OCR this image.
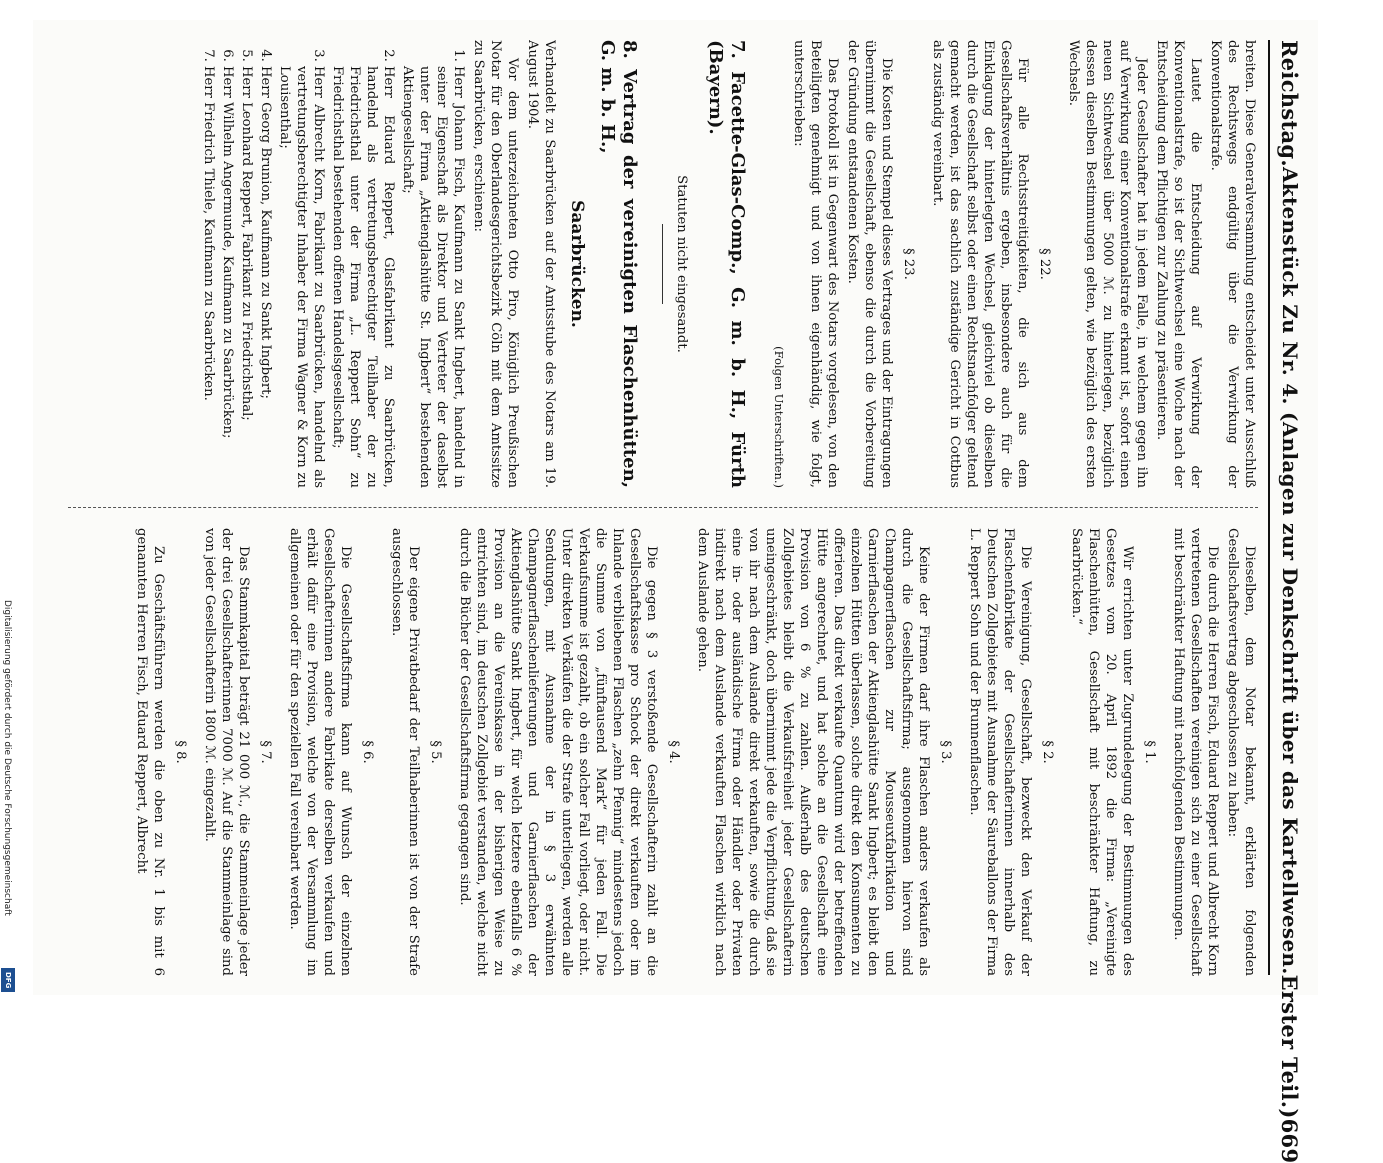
Reichstag.
Aktenstück Zu Nr. 4. (Anlagen zur Denkschrift über das Kartellwesen.
Erster Teil.)
669

breiten. Diese Generalversammlung entscheidet unter Ausschluß des Rechtswegs endgültig über die Verwirkung der Konventionalstrafe.

Lautet die Entscheidung auf Verwirkung der Konventionalstrafe, so ist der Sichtwechsel eine Woche nach der Entscheidung dem Pflichtigen zur Zahlung zu präsentieren.

Jeder Gesellschafter hat in jedem Falle, in welchem gegen ihn auf Verwirkung einer Konventionalstrafe erkannt ist, sofort einen neuen Sichtwechsel über 5000 ℳ. zu hinterlegen, bezüglich dessen dieselben Bestimmungen gelten, wie bezüglich des ersten Wechsels.

§ 22.

Für alle Rechtsstreitigkeiten, die sich aus dem Gesellschaftsverhältnis ergeben, insbesondere auch für die Einklagung der hinterlegten Wechsel, gleichviel ob dieselben durch die Gesellschaft selbst oder einen Rechtsnachfolger geltend gemacht werden, ist das sachlich zuständige Gericht in Cottbus als zuständig vereinbart.

§ 23.

Die Kosten und Stempel dieses Vertrages und der Eintragungen übernimmt die Gesellschaft, ebenso die durch die Vorbereitung der Gründung entstandenen Kosten.

Das Protokoll ist in Gegenwart des Notars vorgelesen, von den Beteiligten genehmigt und von ihnen eigenhändig, wie folgt, unterschrieben:

(Folgen Unterschriften.)

7. Facette-Glas-Comp., G. m. b. H., Fürth (Bayern).

Statuten nicht eingesandt.

8. Vertrag der vereinigten Flaschenhütten, G. m. b. H.,

Saarbrücken.

Verhandelt zu Saarbrücken auf der Amtsstube des Notars am 19. August 1904.

Vor dem unterzeichneten Otto Piro, Königlich Preußischen Notar für den Oberlandesgerichtsbezirk Cöln mit dem Amtssitze zu Saarbrücken, erschienen:

1. Herr Johann Fisch, Kaufmann zu Sankt Ingbert, handelnd in seiner Eigenschaft als Direktor und Vertreter der daselbst unter der Firma „Aktienglashütte St. Ingbert“ bestehenden Aktiengesellschaft;
2. Herr Eduard Reppert, Glasfabrikant zu Saarbrücken, handelnd als vertretungsberechtigter Teilhaber der zu Friedrichsthal unter der Firma „L. Reppert Sohn“ zu Friedrichsthal bestehenden offenen Handelsgesellschaft;
3. Herr Albrecht Korn, Fabrikant zu Saarbrücken, handelnd als vertretungsberechtigter Inhaber der Firma Wagner & Korn zu Louisenthal;
4. Herr Georg Brunion, Kaufmann zu Sankt Ingbert;
5. Herr Leonhard Reppert, Fabrikant zu Friedrichsthal;
6. Herr Wilhelm Angermunde, Kaufmann zu Saarbrücken;
7. Herr Friedrich Thiele, Kaufmann zu Saarbrücken.

Dieselben, dem Notar bekannt, erklärten folgenden Gesellschaftsvertrag abgeschlossen zu haben:

Die durch die Herren Fisch, Eduard Reppert und Albrecht Korn vertretenen Gesellschaften vereinigen sich zu einer Gesellschaft mit beschränkter Haftung mit nachfolgenden Bestimmungen.

§ 1.

Wir errichten unter Zugrundelegung der Bestimmungen des Gesetzes vom 20. April 1892 die Firma: „Vereinigte Flaschenhütten, Gesellschaft mit beschränkter Haftung, zu Saarbrücken.“

§ 2.

Die Vereinigung, Gesellschaft, bezweckt den Verkauf der Flaschenfabrikate der Gesellschafterinnen innerhalb des Deutschen Zollgebietes mit Ausnahme der Säureballons der Firma L. Reppert Sohn und der Brunnenflaschen.

§ 3.

Keine der Firmen darf ihre Flaschen anders verkaufen als durch die Gesellschaftsfirma; ausgenommen hiervon sind Champagnerflaschen zur Mousseuxfabrikation und Garnierflaschen der Aktienglashütte Sankt Ingbert; es bleibt den einzelnen Hütten überlassen, solche direkt den Konsumenten zu offerieren. Das direkt verkaufte Quantum wird der betreffenden Hütte angerechnet, und hat solche an die Gesellschaft eine Provision von 6 % zu zahlen. Außerhalb des deutschen Zollgebietes bleibt die Verkaufsfreiheit jeder Gesellschafterin uneingeschränkt, doch übernimmt jede die Verpflichtung, daß sie von ihr nach dem Auslande direkt verkauften, sowie die durch eine in- oder ausländische Firma oder Händler oder Privaten indirekt nach dem Auslande verkauften Flaschen wirklich nach dem Auslande gehen.

§ 4.

Die gegen § 3 verstoßende Gesellschafterin zahlt an die Gesellschaftskasse pro Schock der direkt verkauften oder im Inlande verbliebenen Flaschen „zehn Pfennig“ mindestens jedoch die Summe von „fünftausend Mark“ für jeden Fall. Die Verkaufsumme ist gezahlt, ob ein solcher Fall vorliegt, oder nicht. Unter direkten Verkäufen die der Strafe unterliegen, werden alle Sendungen, mit Ausnahme der in § 3 erwähnten Champagnerflaschenlieferungen und Garnierflaschen der Aktienglashütte Sankt Ingbert, für welch letztere ebenfalls 6 % Provision an die Vereinskasse in der bisherigen Weise zu entrichten sind, im deutschen Zollgebiet verstanden, welche nicht durch die Bücher der Gesellschaftsfirma gegangen sind.

§ 5.

Der eigene Privatbedarf der Teilhaberinnen ist von der Strafe ausgeschlossen.

§ 6.

Die Gesellschaftsfirma kann auf Wunsch der einzelnen Gesellschafterinnen andere Fabrikate derselben verkaufen und erhält dafür eine Provision, welche von der Versammlung im allgemeinen oder für den speziellen Fall vereinbart werden.

§ 7.

Das Stammkapital beträgt 21 000 ℳ., die Stammeinlage jeder der drei Gesellschafterinnen 7000 ℳ. Auf die Stammeinlage sind von jeder Gesellschafterin 1800 ℳ. eingezahlt.

§ 8.

Zu Geschäftsführern werden die oben zu Nr. 1 bis mit 6 genannten Herren Fisch, Eduard Reppert, Albrecht

Digitalisierung gefördert durch die Deutsche Forschungsgemeinschaft
DFG
